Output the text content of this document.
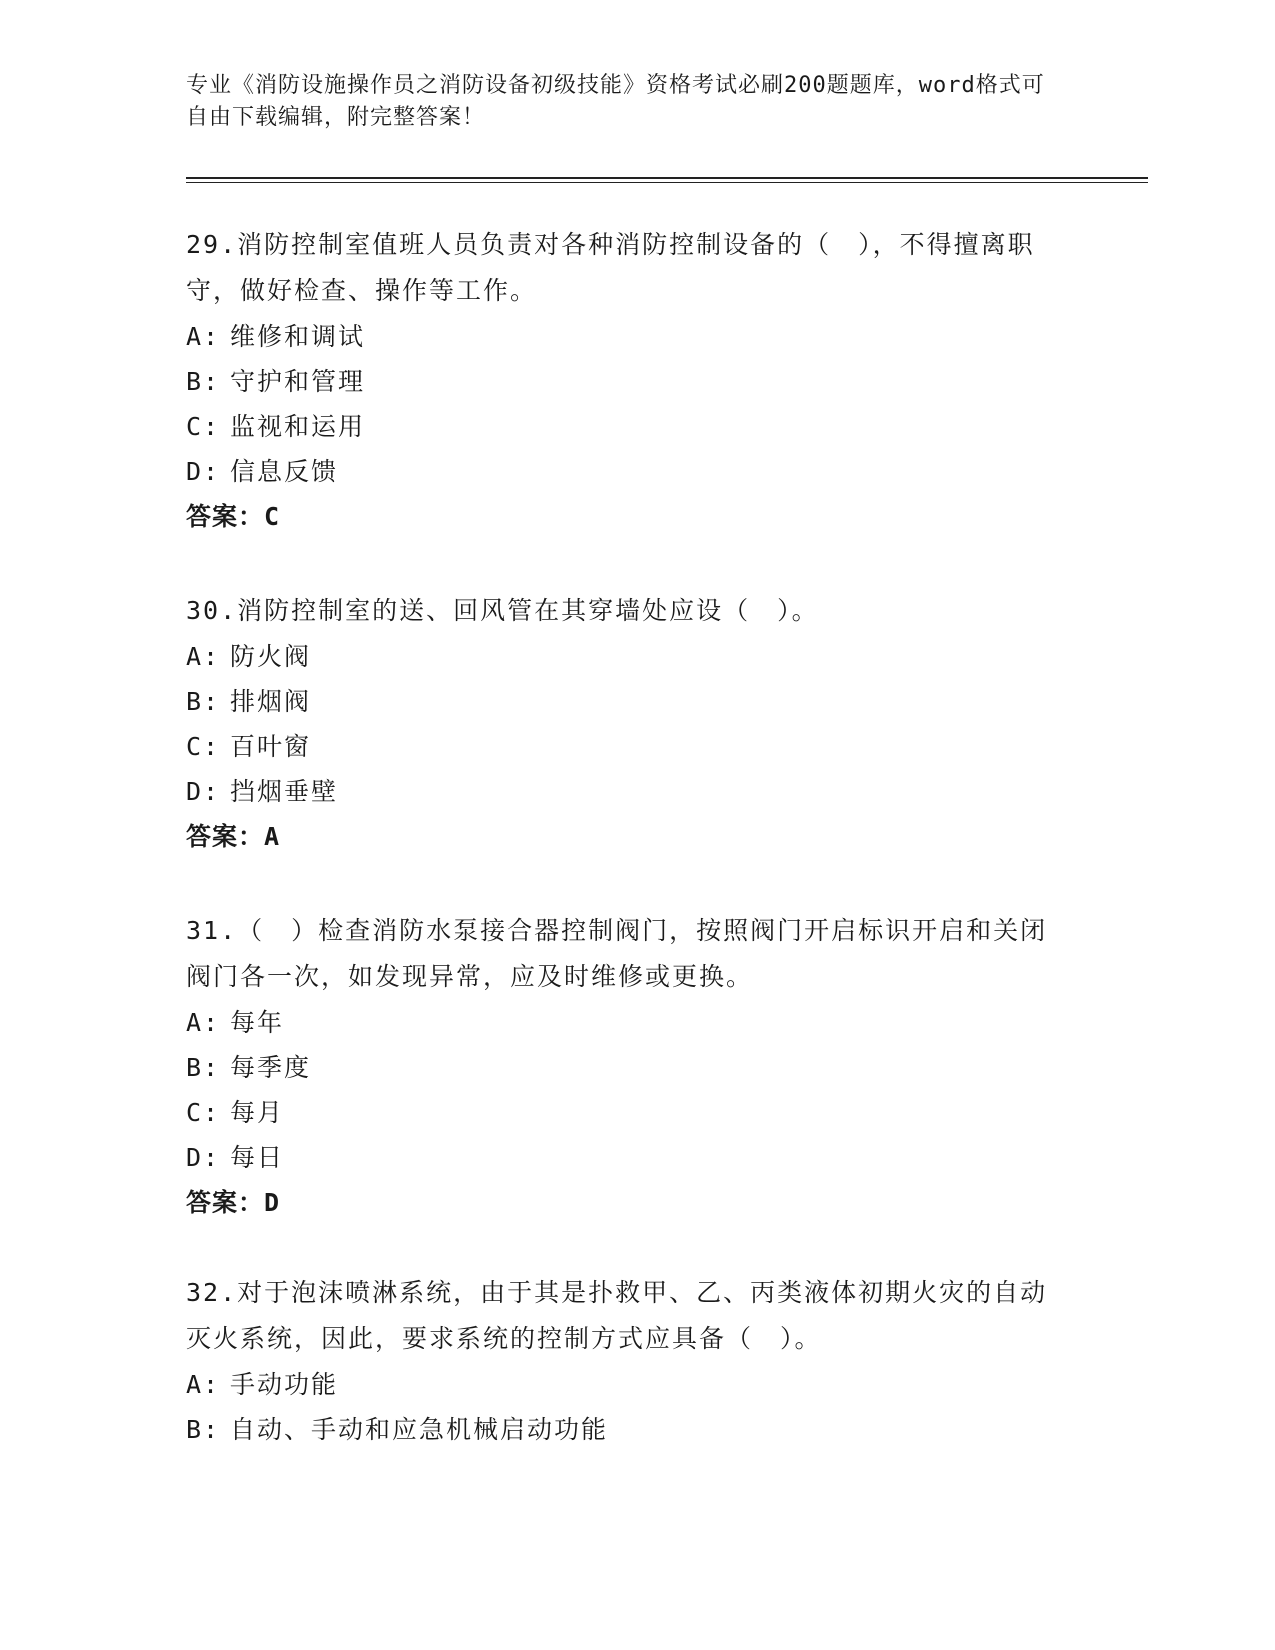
专业《消防设施操作员之消防设备初级技能》资格考试必刷200题题库，word格式可自由下载编辑，附完整答案！

29.消防控制室值班人员负责对各种消防控制设备的（　），不得擅离职守，做好检查、操作等工作。

A: 维修和调试

B: 守护和管理

C: 监视和运用

D: 信息反馈

答案：C

30.消防控制室的送、回风管在其穿墙处应设（　）。

A: 防火阀

B: 排烟阀

C: 百叶窗

D: 挡烟垂壁

答案：A

31.（　）检查消防水泵接合器控制阀门，按照阀门开启标识开启和关闭阀门各一次，如发现异常，应及时维修或更换。

A: 每年

B: 每季度

C: 每月

D: 每日

答案：D

32.对于泡沫喷淋系统，由于其是扑救甲、乙、丙类液体初期火灾的自动灭火系统，因此，要求系统的控制方式应具备（　）。

A: 手动功能

B: 自动、手动和应急机械启动功能
